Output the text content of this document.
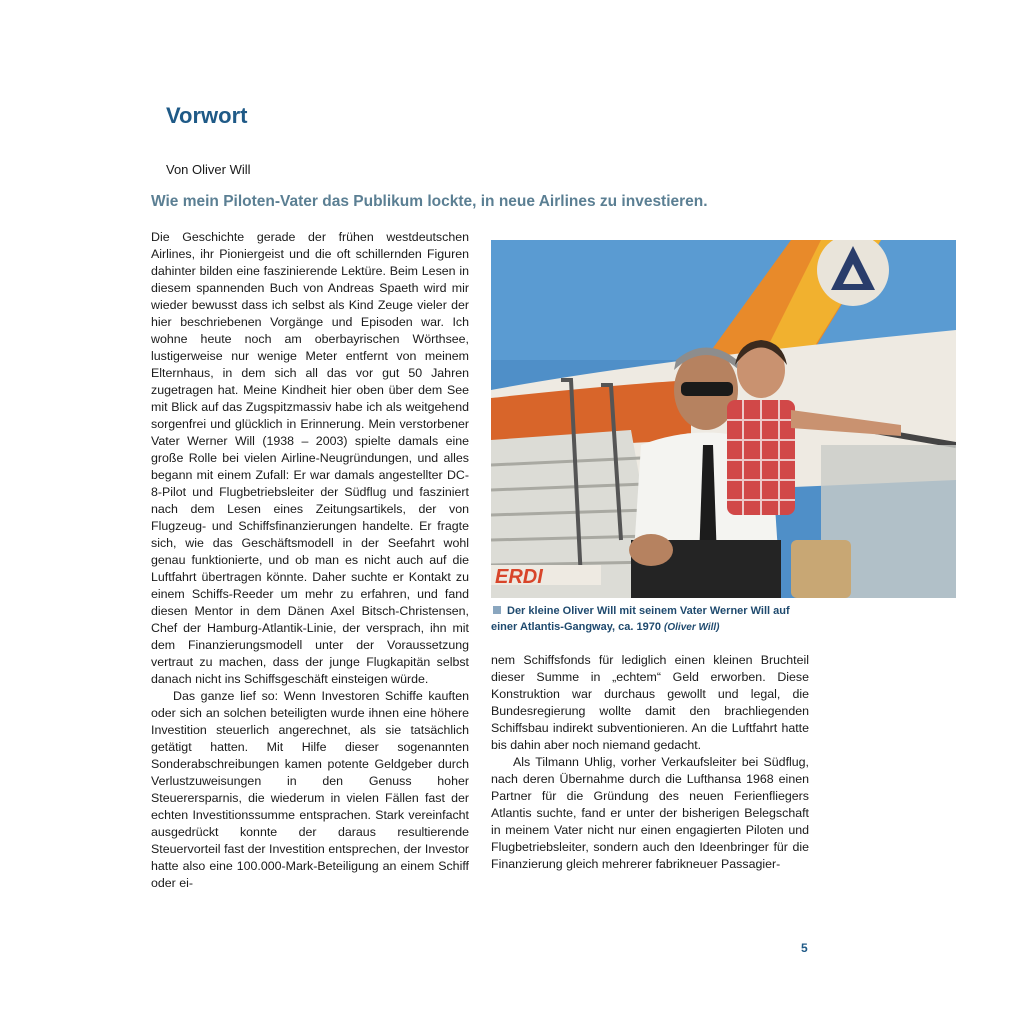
Vorwort
Von Oliver Will
Wie mein Piloten-Vater das Publikum lockte, in neue Airlines zu investieren.

Die Geschichte gerade der frühen westdeutschen Airlines, ihr Pioniergeist und die oft schillernden Figuren dahinter bilden eine faszinierende Lektüre. Beim Lesen in diesem spannenden Buch von Andreas Spaeth wird mir wieder bewusst dass ich selbst als Kind Zeuge vieler der hier beschriebenen Vorgänge und Episoden war. Ich wohne heute noch am oberbayrischen Wörthsee, lustigerweise nur wenige Meter entfernt von meinem Elternhaus, in dem sich all das vor gut 50 Jahren zugetragen hat. Meine Kindheit hier oben über dem See mit Blick auf das Zugspitzmassiv habe ich als weitgehend sorgenfrei und glücklich in Erinnerung. Mein verstorbener Vater Werner Will (1938 – 2003) spielte damals eine große Rolle bei vielen Airline-Neugründungen, und alles begann mit einem Zufall: Er war damals angestellter DC-8-Pilot und Flugbetriebsleiter der Südflug und fasziniert nach dem Lesen eines Zeitungsartikels, der von Flugzeug- und Schiffsfinanzierungen handelte. Er fragte sich, wie das Geschäftsmodell in der Seefahrt wohl genau funktionierte, und ob man es nicht auch auf die Luftfahrt übertragen könnte. Daher suchte er Kontakt zu einem Schiffs-Reeder um mehr zu erfahren, und fand diesen Mentor in dem Dänen Axel Bitsch-Christensen, Chef der Hamburg-Atlantik-Linie, der versprach, ihn mit dem Finanzierungsmodell unter der Voraussetzung vertraut zu machen, dass der junge Flugkapitän selbst danach nicht ins Schiffsgeschäft einsteigen würde.

Das ganze lief so: Wenn Investoren Schiffe kauften oder sich an solchen beteiligten wurde ihnen eine höhere Investition steuerlich angerechnet, als sie tatsächlich getätigt hatten. Mit Hilfe dieser sogenannten Sonderabschreibungen kamen potente Geldgeber durch Verlustzuweisungen in den Genuss hoher Steuerersparnis, die wiederum in vielen Fällen fast der echten Investitionssumme entsprachen. Stark vereinfacht ausgedrückt konnte der daraus resultierende Steuervorteil fast der Investition entsprechen, der Investor hatte also eine 100.000-Mark-Beteiligung an einem Schiff oder ei-

ERDI
Der kleine Oliver Will mit seinem Vater Werner Will auf einer Atlantis-Gangway, ca. 1970 (Oliver Will)

nem Schiffsfonds für lediglich einen kleinen Bruchteil dieser Summe in „echtem“ Geld erworben. Diese Konstruktion war durchaus gewollt und legal, die Bundesregierung wollte damit den brachliegenden Schiffsbau indirekt subventionieren. An die Luftfahrt hatte bis dahin aber noch niemand gedacht.

Als Tilmann Uhlig, vorher Verkaufsleiter bei Südflug, nach deren Übernahme durch die Lufthansa 1968 einen Partner für die Gründung des neuen Ferienfliegers Atlantis suchte, fand er unter der bisherigen Belegschaft in meinem Vater nicht nur einen engagierten Piloten und Flugbetriebsleiter, sondern auch den Ideenbringer für die Finanzierung gleich mehrerer fabrikneuer Passagier-

5
